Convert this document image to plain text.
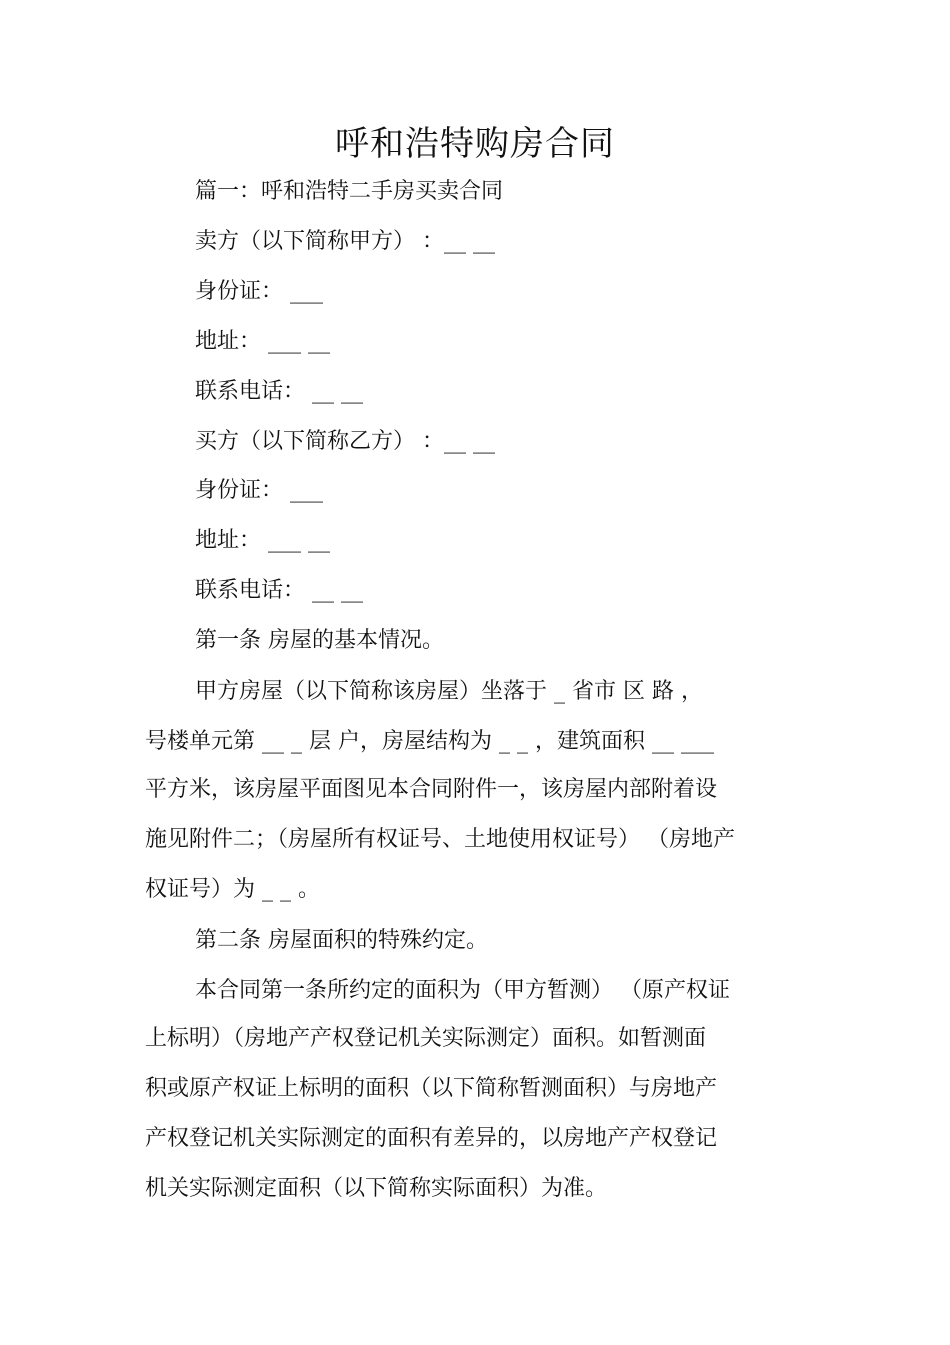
呼和浩特购房合同
篇一：呼和浩特二手房买卖合同
卖方（以下简称甲方） ：__ __
身份证： ___
地址： ___ __
联系电话： __ __
买方（以下简称乙方） ：__ __
身份证： ___
地址： ___ __
联系电话： __ __
第一条 房屋的基本情况。
甲方房屋（以下简称该房屋）坐落于 _ 省市 区 路 ，
号楼单元第 __ _ 层 户，房屋结构为 _ _ ，建筑面积 __ ___
平方米，该房屋平面图见本合同附件一，该房屋内部附着设
施见附件二；（房屋所有权证号、土地使用权证号） （房地产
权证号）为 _ _ 。
第二条 房屋面积的特殊约定。
本合同第一条所约定的面积为（甲方暂测） （原产权证
上标明）（房地产产权登记机关实际测定）面积。如暂测面
积或原产权证上标明的面积（以下简称暂测面积）与房地产
产权登记机关实际测定的面积有差异的，以房地产产权登记
机关实际测定面积（以下简称实际面积）为准。
